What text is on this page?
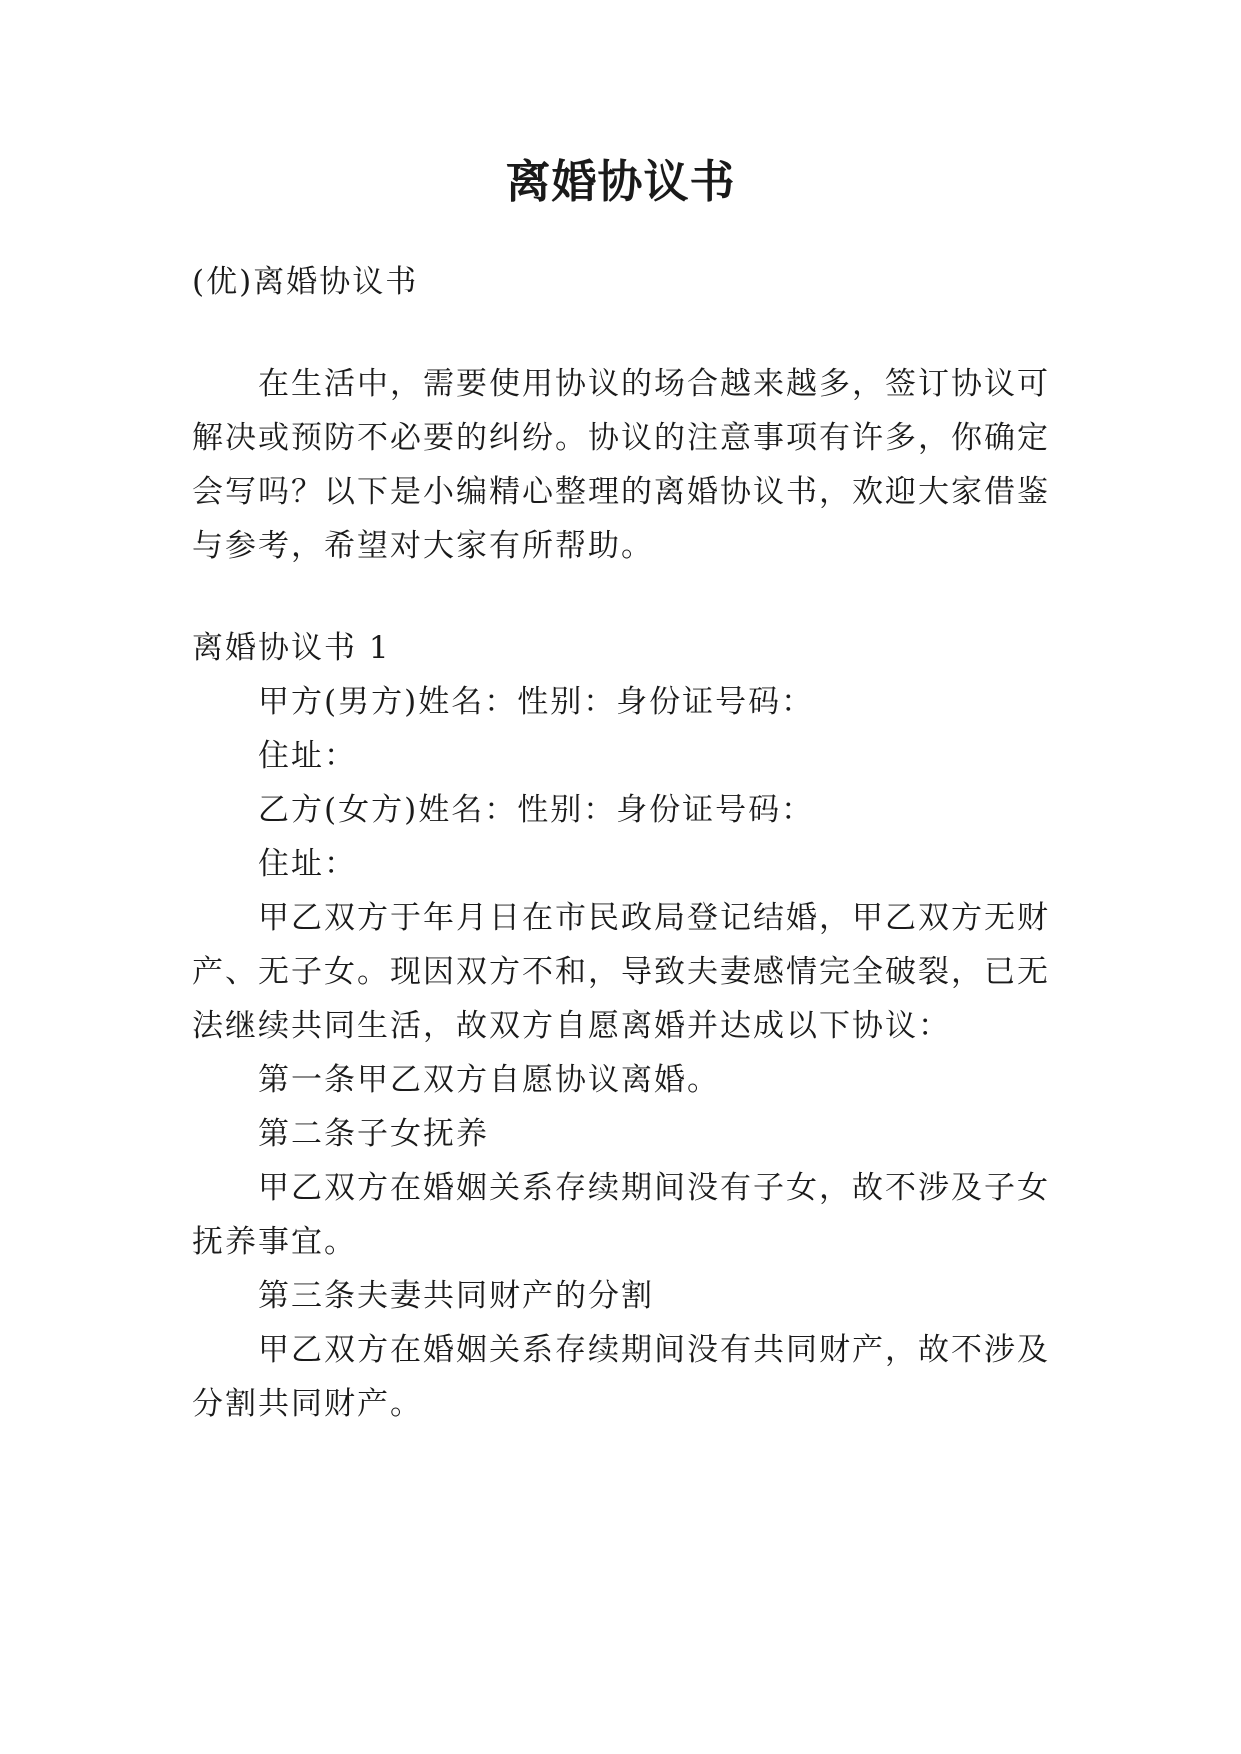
离婚协议书
(优)离婚协议书
在生活中，需要使用协议的场合越来越多，签订协议可
解决或预防不必要的纠纷。协议的注意事项有许多，你确定
会写吗？以下是小编精心整理的离婚协议书，欢迎大家借鉴
与参考，希望对大家有所帮助。
离婚协议书 1
甲方(男方)姓名：性别：身份证号码：
住址：
乙方(女方)姓名：性别：身份证号码：
住址：
甲乙双方于年月日在市民政局登记结婚，甲乙双方无财
产、无子女。现因双方不和，导致夫妻感情完全破裂，已无
法继续共同生活，故双方自愿离婚并达成以下协议：
第一条甲乙双方自愿协议离婚。
第二条子女抚养
甲乙双方在婚姻关系存续期间没有子女，故不涉及子女
抚养事宜。
第三条夫妻共同财产的分割
甲乙双方在婚姻关系存续期间没有共同财产，故不涉及
分割共同财产。
